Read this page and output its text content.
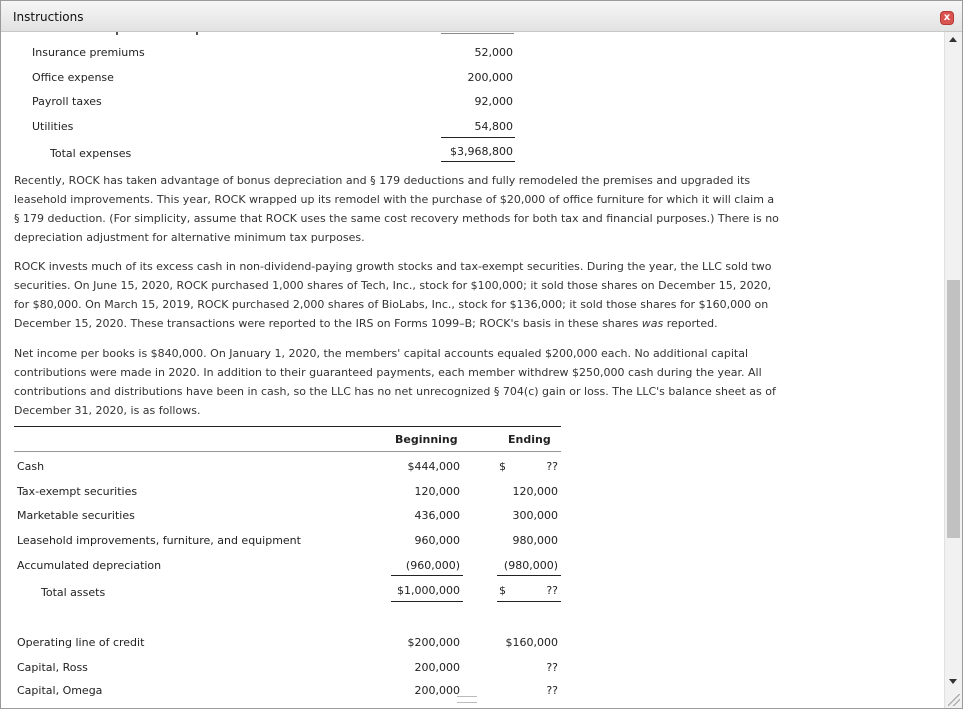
Instructions	x
Insurance premiums	52,000
Office expense	200,000
Payroll taxes	92,000
Utilities	54,800
Total expenses	$3,968,800
Recently, ROCK has taken advantage of bonus depreciation and § 179 deductions and fully remodeled the premises and upgraded its
leasehold improvements. This year, ROCK wrapped up its remodel with the purchase of $20,000 of office furniture for which it will claim a
§ 179 deduction. (For simplicity, assume that ROCK uses the same cost recovery methods for both tax and financial purposes.) There is no
depreciation adjustment for alternative minimum tax purposes.
ROCK invests much of its excess cash in non-dividend-paying growth stocks and tax-exempt securities. During the year, the LLC sold two
securities. On June 15, 2020, ROCK purchased 1,000 shares of Tech, Inc., stock for $100,000; it sold those shares on December 15, 2020,
for $80,000. On March 15, 2019, ROCK purchased 2,000 shares of BioLabs, Inc., stock for $136,000; it sold those shares for $160,000 on
December 15, 2020. These transactions were reported to the IRS on Forms 1099–B; ROCK's basis in these shares was reported.
Net income per books is $840,000. On January 1, 2020, the members' capital accounts equaled $200,000 each. No additional capital
contributions were made in 2020. In addition to their guaranteed payments, each member withdrew $250,000 cash during the year. All
contributions and distributions have been in cash, so the LLC has no net unrecognized § 704(c) gain or loss. The LLC's balance sheet as of
December 31, 2020, is as follows.
Beginning	Ending
Cash	$444,000	$	??
Tax-exempt securities	120,000	120,000
Marketable securities	436,000	300,000
Leasehold improvements, furniture, and equipment	960,000	980,000
Accumulated depreciation	(960,000)	(980,000)
Total assets	$1,000,000	$	??
Operating line of credit	$200,000	$160,000
Capital, Ross	200,000	??
Capital, Omega	200,000	??
